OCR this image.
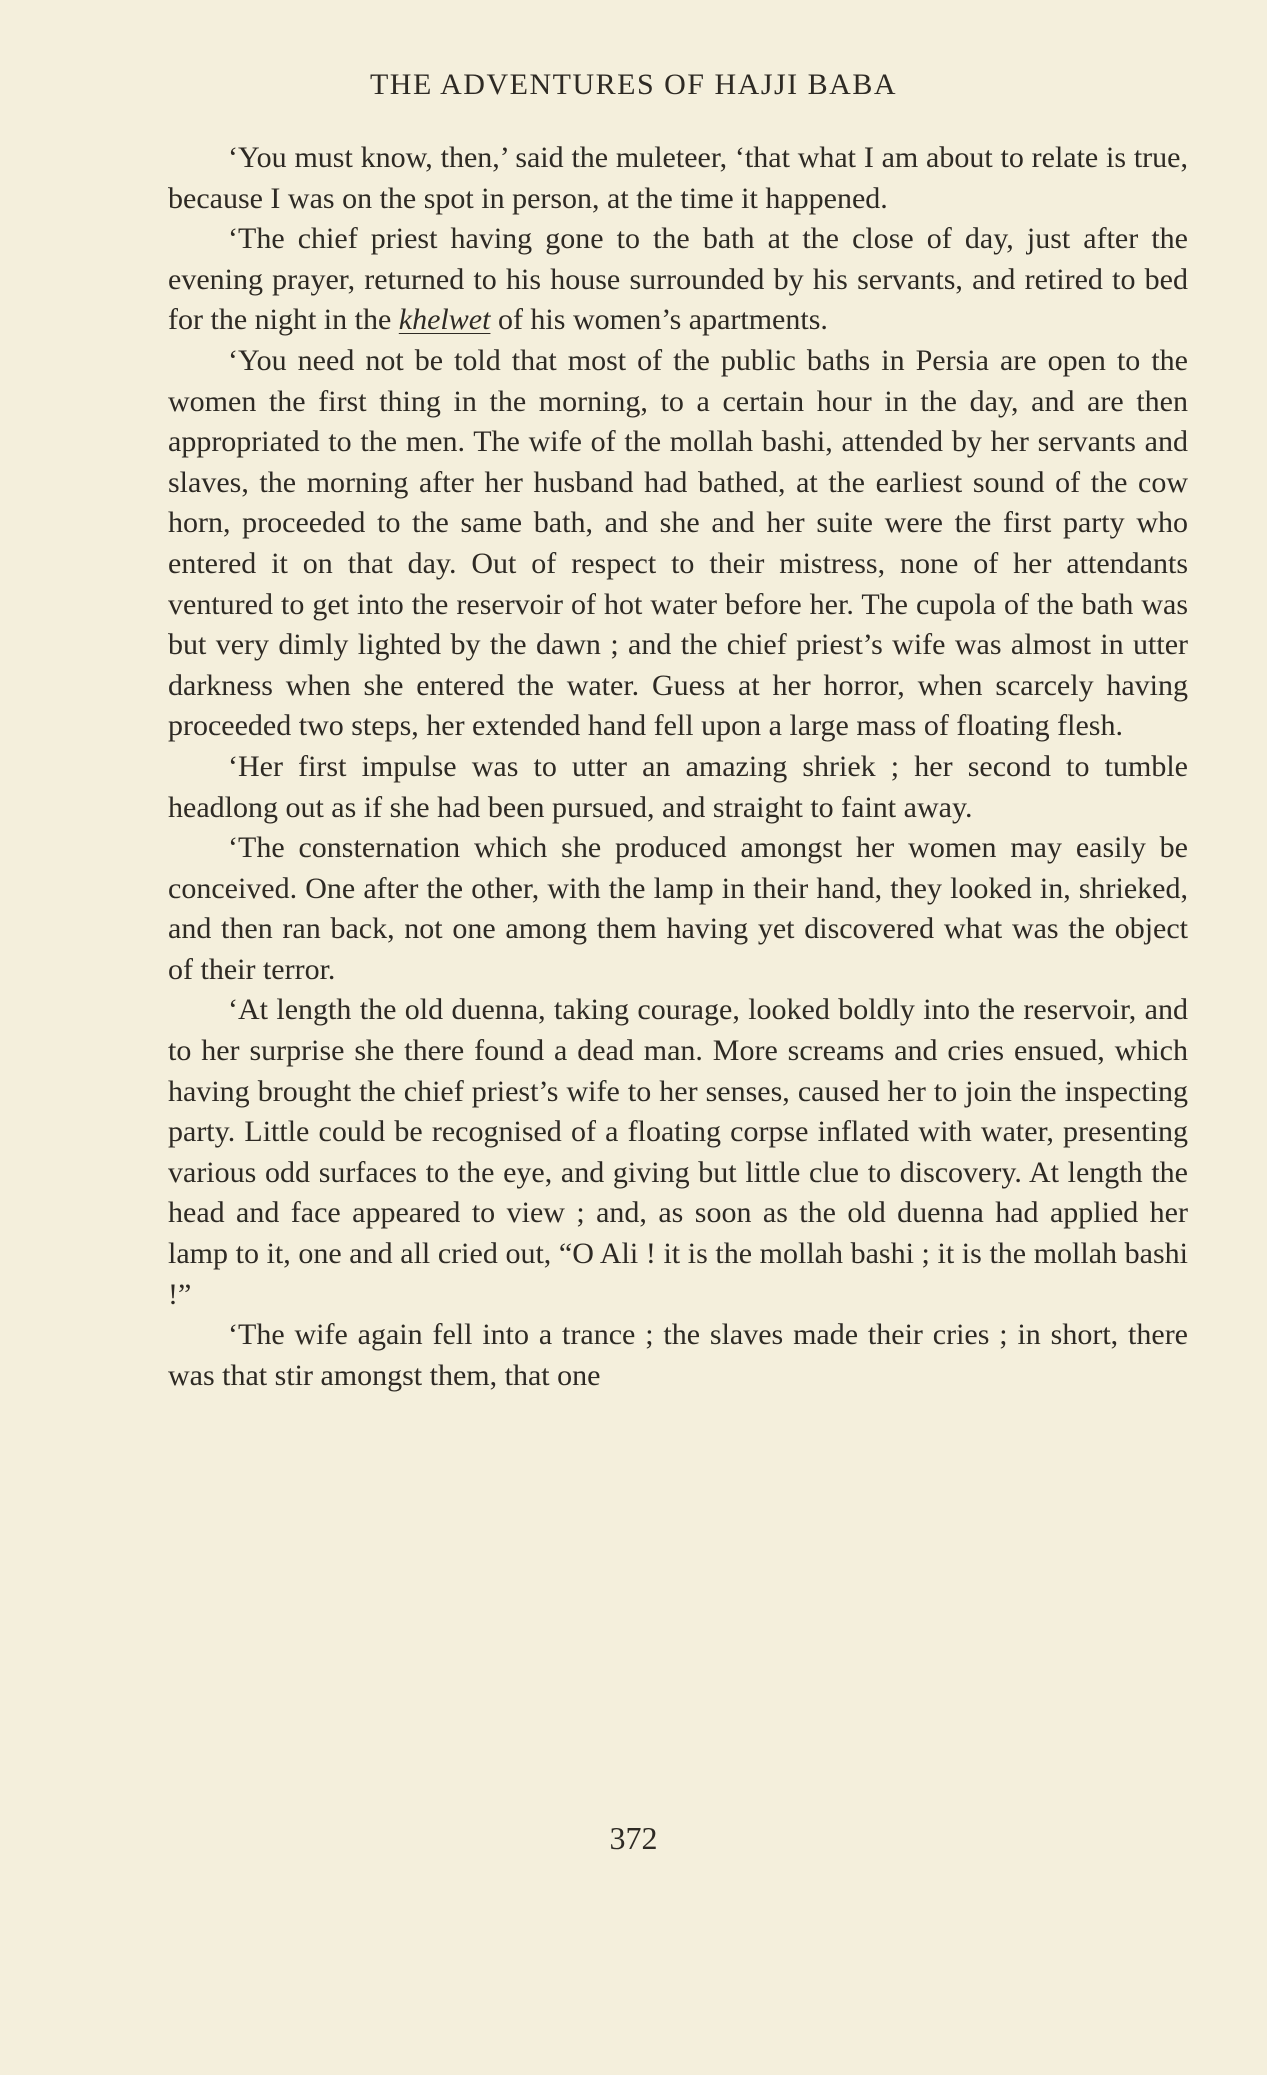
THE ADVENTURES OF HAJJI BABA

‘You must know, then,’ said the muleteer, ‘that what I am about to relate is true, because I was on the spot in person, at the time it happened.

‘The chief priest having gone to the bath at the close of day, just after the evening prayer, returned to his house surrounded by his servants, and retired to bed for the night in the khelwet of his women’s apartments.

‘You need not be told that most of the public baths in Persia are open to the women the first thing in the morning, to a certain hour in the day, and are then appropriated to the men. The wife of the mollah bashi, attended by her servants and slaves, the morning after her husband had bathed, at the earliest sound of the cow horn, proceeded to the same bath, and she and her suite were the first party who entered it on that day. Out of respect to their mistress, none of her attendants ventured to get into the reservoir of hot water before her. The cupola of the bath was but very dimly lighted by the dawn ; and the chief priest’s wife was almost in utter darkness when she entered the water. Guess at her horror, when scarcely having proceeded two steps, her extended hand fell upon a large mass of floating flesh.

‘Her first impulse was to utter an amazing shriek ; her second to tumble headlong out as if she had been pursued, and straight to faint away.

‘The consternation which she produced amongst her women may easily be conceived. One after the other, with the lamp in their hand, they looked in, shrieked, and then ran back, not one among them having yet discovered what was the object of their terror.

‘At length the old duenna, taking courage, looked boldly into the reservoir, and to her surprise she there found a dead man. More screams and cries ensued, which having brought the chief priest’s wife to her senses, caused her to join the inspecting party. Little could be recognised of a floating corpse inflated with water, presenting various odd surfaces to the eye, and giving but little clue to discovery. At length the head and face appeared to view ; and, as soon as the old duenna had applied her lamp to it, one and all cried out, “O Ali ! it is the mollah bashi ; it is the mollah bashi !”

‘The wife again fell into a trance ; the slaves made their cries ; in short, there was that stir amongst them, that one

372
